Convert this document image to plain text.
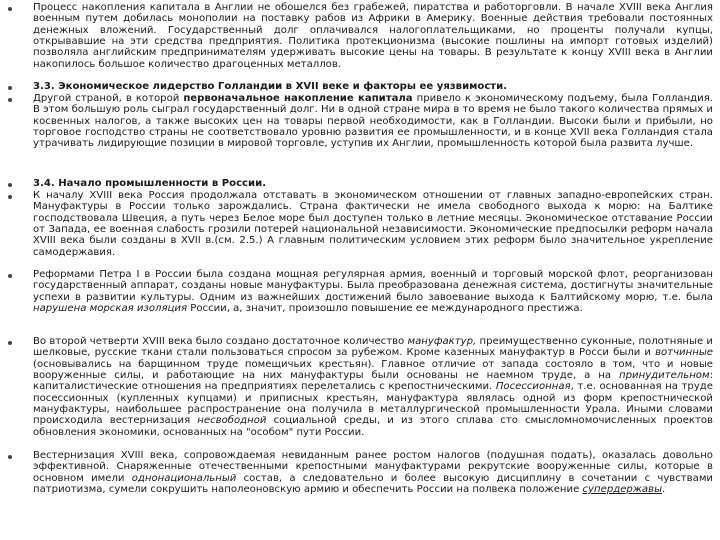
Процесс накопления капитала в Англии не обошелся без грабежей, пиратства и работорговли. В начале XVIII века Англия военным путем добилась монополии на поставку рабов из Африки в Америку. Военные действия требовали постоянных денежных вложений. Государственный долг оплачивался налогоплательщиками, но проценты получали купцы, открывавшие на эти средства предприятия. Политика протекционизма (высокие пошлины на импорт готовых изделий) позволяла английским предпринимателям удерживать высокие цены на товары. В результате к концу XVIII века в Англии накопилось большое количество драгоценных металлов.
3.3. Экономическое лидерство Голландии в XVII веке и факторы ее уязвимости.
Другой страной, в которой первоначальное накопление капитала привело к экономическому подъему, была Голландия. В этом большую роль сыграл государственный долг. Ни в одной стране мира в то время не было такого количества прямых и косвенных налогов, а также высоких цен на товары первой необходимости, как в Голландии. Высоки были и прибыли, но торговое господство страны не соответствовало уровню развития ее промышленности, и в конце XVII века Голландия стала утрачивать лидирующие позиции в мировой торговле, уступив их Англии, промышленность которой была развита лучше.
3.4. Начало промышленности в России.
К началу XVIII века Россия продолжала отставать в экономическом отношении от главных западно-европейских стран. Мануфактуры в России только зарождались. Страна фактически не имела свободного выхода к морю: на Балтике господствовала Швеция, а путь через Белое море был доступен только в летние месяцы. Экономическое отставание России от Запада, ее военная слабость грозили потерей национальной независимости. Экономические предпосылки реформ начала XVIII века были созданы в XVII в.(см. 2.5.) А главным политическим условием этих реформ было значительное укрепление самодержавия.
Реформами Петра I в России была создана мощная регулярная армия, военный и торговый морской флот, реорганизован государственный аппарат, созданы новые мануфактуры. Была преобразована денежная система, достигнуты значительные успехи в развитии культуры. Одним из важнейших достижений было завоевание выхода к Балтийскому морю, т.е. была нарушена морская изоляция России, а, значит, произошло повышение ее международного престижа.
Во второй четверти XVIII века было создано достаточное количество мануфактур, преимущественно суконные, полотняные и шелковые, русские ткани стали пользоваться спросом за рубежом. Кроме казенных мануфактур в Росси были и вотчинные (основывались на барщинном труде помещичьих крестьян). Главное отличие от запада состояло в том, что и новые вооруженные силы, и работающие на них мануфактуры были основаны не наемном труде, а на принудительном: капиталистические отношения на предприятиях перелетались с крепостническими. Посессионная, т.е. основанная на труде посессионных (купленных купцами) и приписных крестьян, мануфактура являлась одной из форм крепостнической мануфактуры, наибольшее распространение она получила в металлургической промышленности Урала. Иными словами происходила вестернизация несвободной социальной среды, и из этого сплава сто смысломномочисленных проектов обновления экономики, основанных на "особом" пути России.
Вестернизация XVIII века, сопровождаемая невиданным ранее ростом налогов (подушная подать), оказалась довольно эффективной. Снаряженные отечественными крепостными мануфактурами рекрутские вооруженные силы, которые в основном имели однонациональный состав, а следовательно и более высокую дисциплину в сочетании с чувствами патриотизма, сумели сокрушить наполеоновскую армию и обеспечить России на полвека положение супердержавы.
